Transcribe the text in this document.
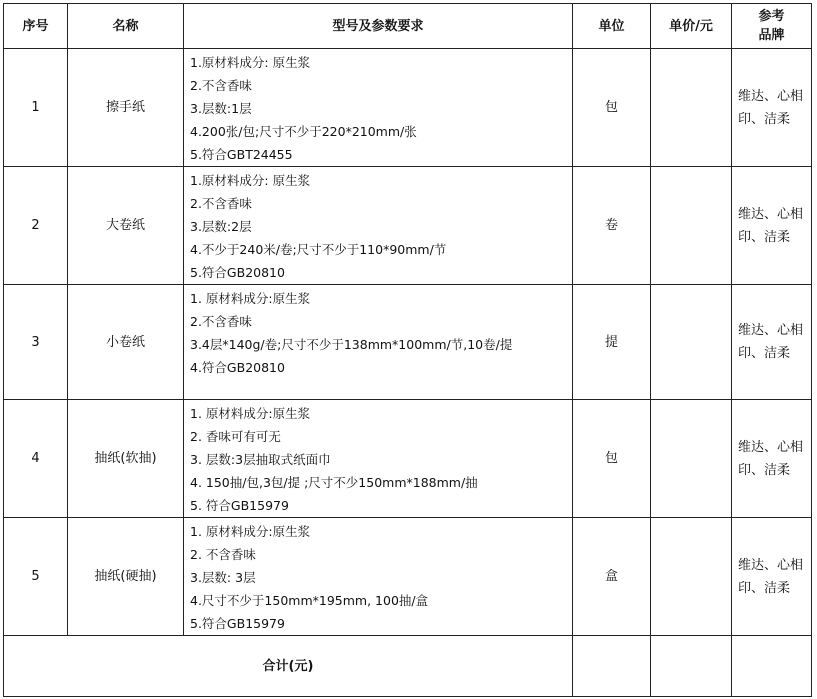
序号	名称	型号及参数要求	单位	单价/元	参考
品牌

1	擦手纸	1.原材料成分: 原生浆
2.不含香味
3.层数:1层
4.200张/包;尺寸不少于220*210mm/张
5.符合GBT24455	包		维达、心相印、洁柔
2	大卷纸	1.原材料成分: 原生浆
2.不含香味
3.层数:2层
4.不少于240米/卷;尺寸不少于110*90mm/节
5.符合GB20810	卷		维达、心相印、洁柔
3	小卷纸	1. 原材料成分:原生浆
2.不含香味
3.4层*140g/卷;尺寸不少于138mm*100mm/节,10卷/提
4.符合GB20810	提		维达、心相印、洁柔
4	抽纸(软抽)	1. 原材料成分:原生浆
2. 香味可有可无
3. 层数:3层抽取式纸面巾
4. 150抽/包,3包/提 ;尺寸不少150mm*188mm/抽
5. 符合GB15979	包		维达、心相印、洁柔
5	抽纸(硬抽)	1. 原材料成分:原生浆
2. 不含香味
3.层数: 3层
4.尺寸不少于150mm*195mm, 100抽/盒
5.符合GB15979	盒		维达、心相印、洁柔
合计(元)					
